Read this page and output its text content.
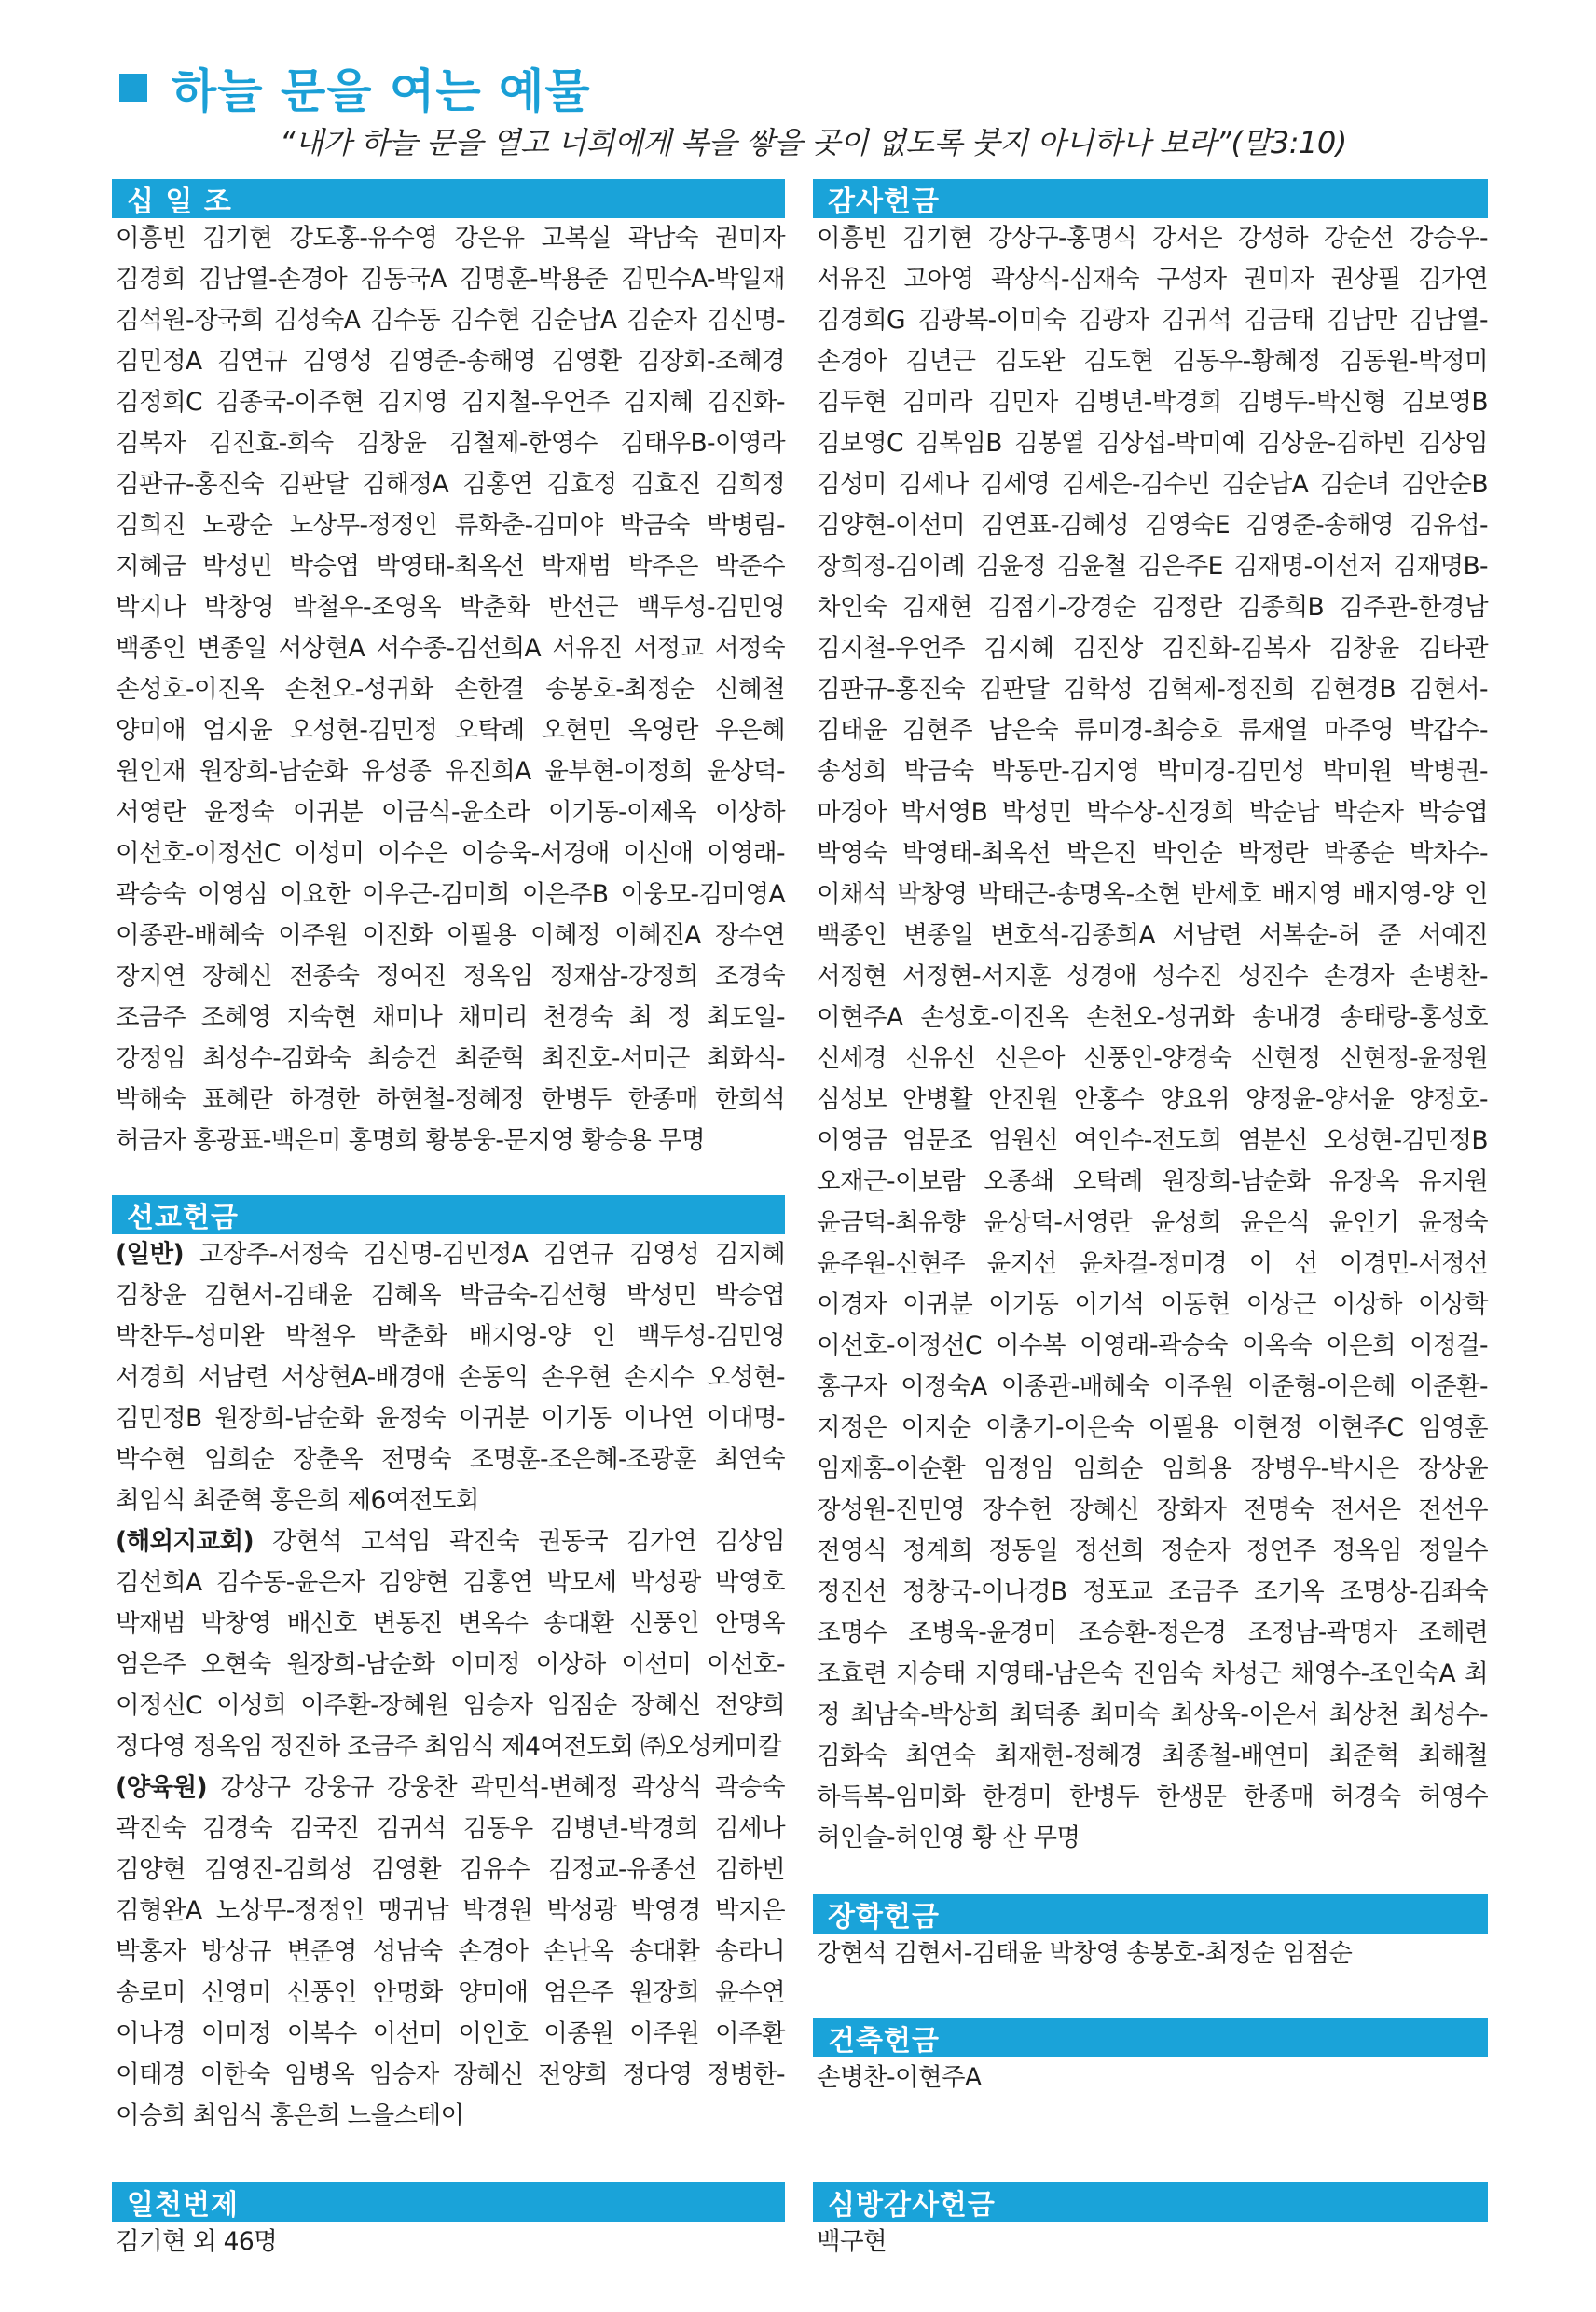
하늘 문을 여는 예물
“내가 하늘 문을 열고 너희에게 복을 쌓을 곳이 없도록 붓지 아니하나 보라”(말3:10)
십 일 조

이흥빈 김기현 강도홍-유수영 강은유 고복실 곽남숙 권미자 김경희 김남열-손경아 김동국A 김명훈-박용준 김민수A-박일재 김석원-장국희 김성숙A 김수동 김수현 김순남A 김순자 김신명-김민정A 김연규 김영성 김영준-송해영 김영환 김장회-조혜경 김정희C 김종국-이주현 김지영 김지철-우언주 김지혜 김진화-김복자 김진효-희숙 김창윤 김철제-한영수 김태우B-이영라 김판규-홍진숙 김판달 김해정A 김홍연 김효정 김효진 김희정 김희진 노광순 노상무-정정인 류화춘-김미야 박금숙 박병림-지혜금 박성민 박승엽 박영태-최옥선 박재범 박주은 박준수 박지나 박창영 박철우-조영옥 박춘화 반선근 백두성-김민영 백종인 변종일 서상현A 서수종-김선희A 서유진 서정교 서정숙 손성호-이진옥 손천오-성귀화 손한결 송봉호-최정순 신혜철 양미애 엄지윤 오성현-김민정 오탁례 오현민 옥영란 우은혜 원인재 원장희-남순화 유성종 유진희A 윤부현-이정희 윤상덕-서영란 윤정숙 이귀분 이금식-윤소라 이기동-이제옥 이상하 이선호-이정선C 이성미 이수은 이승욱-서경애 이신애 이영래-곽승숙 이영심 이요한 이우근-김미희 이은주B 이웅모-김미영A 이종관-배혜숙 이주원 이진화 이필용 이혜정 이혜진A 장수연 장지연 장혜신 전종숙 정여진 정옥임 정재삼-강정희 조경숙 조금주 조혜영 지숙현 채미나 채미리 천경숙 최 정 최도일-강정임 최성수-김화숙 최승건 최준혁 최진호-서미근 최화식-박해숙 표혜란 하경한 하현철-정혜정 한병두 한종매 한희석 허금자 홍광표-백은미 홍명희 황봉웅-문지영 황승용 무명

선교헌금

(일반) 고장주-서정숙 김신명-김민정A 김연규 김영성 김지혜 김창윤 김현서-김태윤 김혜옥 박금숙-김선형 박성민 박승엽 박찬두-성미완 박철우 박춘화 배지영-양 인 백두성-김민영 서경희 서남련 서상현A-배경애 손동익 손우현 손지수 오성현-김민정B 원장희-남순화 윤정숙 이귀분 이기동 이나연 이대명-박수현 임희순 장춘옥 전명숙 조명훈-조은혜-조광훈 최연숙 최임식 최준혁 홍은희 제6여전도회

(해외지교회) 강현석 고석임 곽진숙 권동국 김가연 김상임 김선희A 김수동-윤은자 김양현 김홍연 박모세 박성광 박영호 박재범 박창영 배신호 변동진 변옥수 송대환 신풍인 안명옥 엄은주 오현숙 원장희-남순화 이미정 이상하 이선미 이선호-이정선C 이성희 이주환-장혜원 임승자 임점순 장혜신 전양희 정다영 정옥임 정진하 조금주 최임식 제4여전도회 ㈜오성케미칼

(양육원) 강상구 강웅규 강웅찬 곽민석-변혜정 곽상식 곽승숙 곽진숙 김경숙 김국진 김귀석 김동우 김병년-박경희 김세나 김양현 김영진-김희성 김영환 김유수 김정교-유종선 김하빈 김형완A 노상무-정정인 맹귀남 박경원 박성광 박영경 박지은 박홍자 방상규 변준영 성남숙 손경아 손난옥 송대환 송라니 송로미 신영미 신풍인 안명화 양미애 엄은주 원장희 윤수연 이나경 이미정 이복수 이선미 이인호 이종원 이주원 이주환 이태경 이한숙 임병옥 임승자 장혜신 전양희 정다영 정병한-이승희 최임식 홍은희 느을스테이

일천번제

김기현 외 46명

감사헌금

이흥빈 김기현 강상구-홍명식 강서은 강성하 강순선 강승우-서유진 고아영 곽상식-심재숙 구성자 권미자 권상필 김가연 김경희G 김광복-이미숙 김광자 김귀석 김금태 김남만 김남열-손경아 김년근 김도완 김도현 김동우-황혜정 김동원-박정미 김두현 김미라 김민자 김병년-박경희 김병두-박신형 김보영B 김보영C 김복임B 김봉열 김상섭-박미예 김상윤-김하빈 김상임 김성미 김세나 김세영 김세은-김수민 김순남A 김순녀 김안순B 김양현-이선미 김연표-김혜성 김영숙E 김영준-송해영 김유섭-장희정-김이례 김윤정 김윤철 김은주E 김재명-이선저 김재명B-차인숙 김재현 김점기-강경순 김정란 김종희B 김주관-한경남 김지철-우언주 김지혜 김진상 김진화-김복자 김창윤 김타관 김판규-홍진숙 김판달 김학성 김혁제-정진희 김현경B 김현서-김태윤 김현주 남은숙 류미경-최승호 류재열 마주영 박갑수-송성희 박금숙 박동만-김지영 박미경-김민성 박미원 박병권-마경아 박서영B 박성민 박수상-신경희 박순남 박순자 박승엽 박영숙 박영태-최옥선 박은진 박인순 박정란 박종순 박차수-이채석 박창영 박태근-송명옥-소현 반세호 배지영 배지영-양 인 백종인 변종일 변호석-김종희A 서남련 서복순-허 준 서예진 서정현 서정현-서지훈 성경애 성수진 성진수 손경자 손병찬-이현주A 손성호-이진옥 손천오-성귀화 송내경 송태랑-홍성호 신세경 신유선 신은아 신풍인-양경숙 신현정 신현정-윤정원 심성보 안병활 안진원 안홍수 양요위 양정윤-양서윤 양정호-이영금 엄문조 엄원선 여인수-전도희 염분선 오성현-김민정B 오재근-이보람 오종쇄 오탁례 원장희-남순화 유장옥 유지원 윤금덕-최유향 윤상덕-서영란 윤성희 윤은식 윤인기 윤정숙 윤주원-신현주 윤지선 윤차걸-정미경 이 선 이경민-서정선 이경자 이귀분 이기동 이기석 이동현 이상근 이상하 이상학 이선호-이정선C 이수복 이영래-곽승숙 이옥숙 이은희 이정걸-홍구자 이정숙A 이종관-배혜숙 이주원 이준형-이은혜 이준환-지정은 이지순 이충기-이은숙 이필용 이현정 이현주C 임영훈 임재홍-이순환 임정임 임희순 임희용 장병우-박시은 장상윤 장성원-진민영 장수헌 장혜신 장화자 전명숙 전서은 전선우 전영식 정계희 정동일 정선희 정순자 정연주 정옥임 정일수 정진선 정창국-이나경B 정포교 조금주 조기옥 조명상-김좌숙 조명수 조병욱-윤경미 조승환-정은경 조정남-곽명자 조해련 조효련 지승태 지영태-남은숙 진임숙 차성근 채영수-조인숙A 최 정 최남숙-박상희 최덕종 최미숙 최상욱-이은서 최상천 최성수-김화숙 최연숙 최재현-정혜경 최종철-배연미 최준혁 최해철 하득복-임미화 한경미 한병두 한생문 한종매 허경숙 허영수 허인슬-허인영 황 산 무명

장학헌금

강현석 김현서-김태윤 박창영 송봉호-최정순 임점순

건축헌금

손병찬-이현주A

심방감사헌금

백구현
